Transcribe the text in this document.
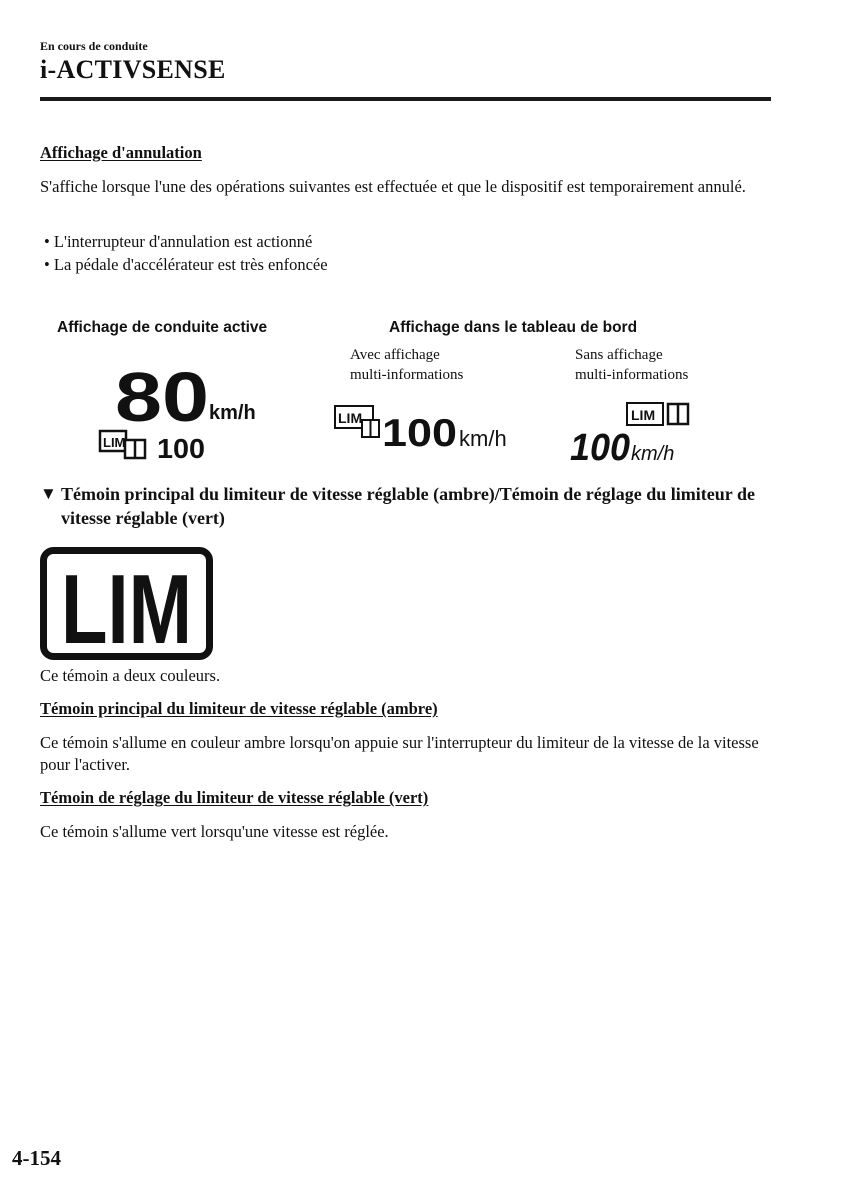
En cours de conduite
i-ACTIVSENSE
Affichage d'annulation
S'affiche lorsque l'une des opérations suivantes est effectuée et que le dispositif est temporairement annulé.
• L'interrupteur d'annulation est actionné
• La pédale d'accélérateur est très enfoncée
Affichage de conduite active	Affichage dans le tableau de bord
Avec affichage
multi-informations
Sans affichage
multi-informations
80 km/h
LIM 100
LIM 100 km/h
LIM
100 km/h
▼ Témoin principal du limiteur de vitesse réglable (ambre)/Témoin de réglage du limiteur de vitesse réglable (vert)
LIM
Ce témoin a deux couleurs.
Témoin principal du limiteur de vitesse réglable (ambre)
Ce témoin s'allume en couleur ambre lorsqu'on appuie sur l'interrupteur du limiteur de la vitesse de la vitesse pour l'activer.
Témoin de réglage du limiteur de vitesse réglable (vert)
Ce témoin s'allume vert lorsqu'une vitesse est réglée.
4-154
